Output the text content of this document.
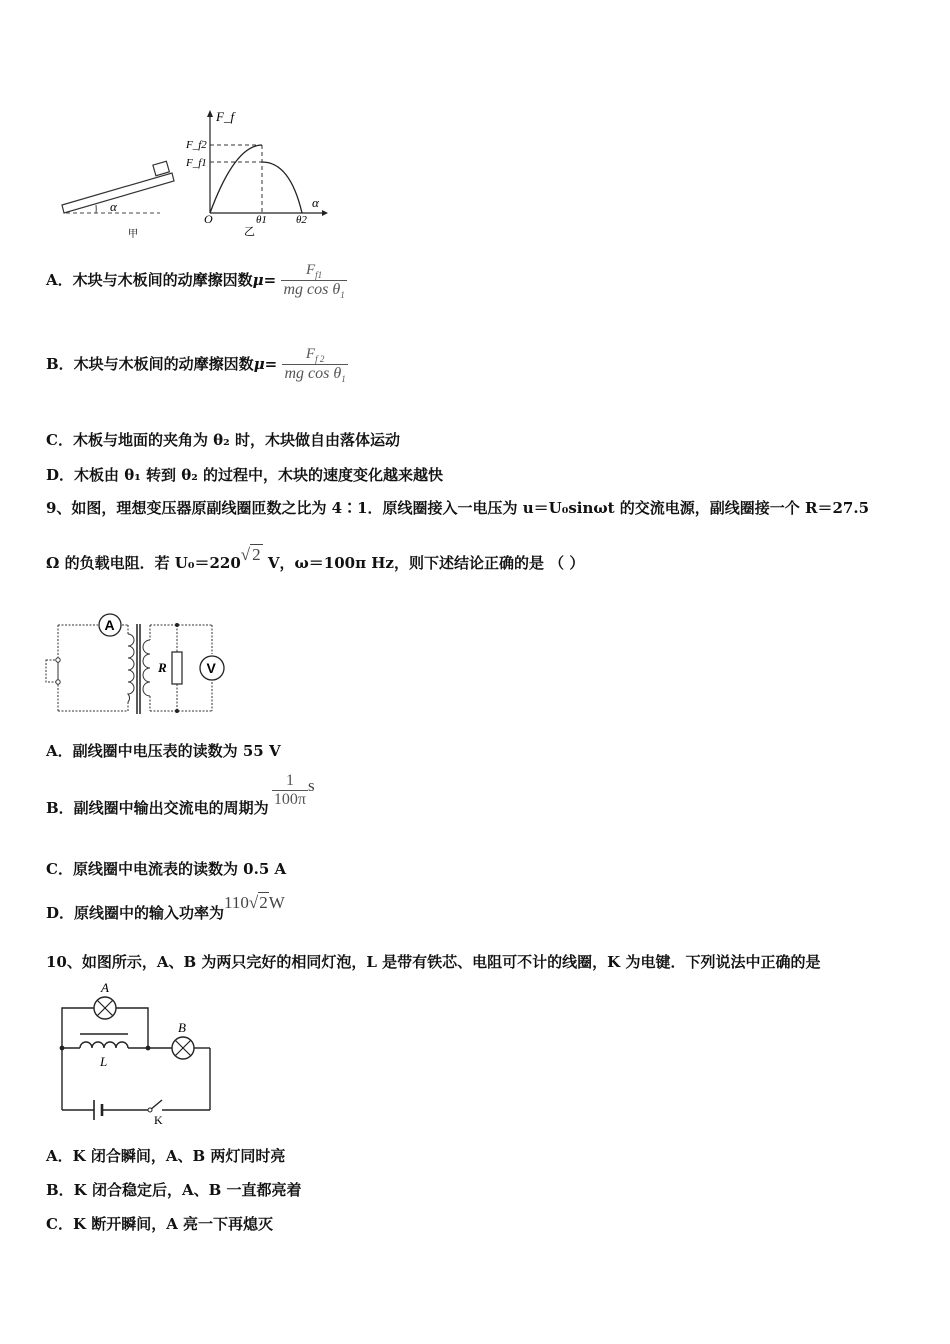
α
甲
F_f
α
F_f2
F_f1
O	θ1	θ2
乙
A．木块与木板间的动摩擦因数$\mu= \frac{F_{f1}}{mg \cos \theta_1}$
B．木块与木板间的动摩擦因数$\mu= \frac{F_{f 2}}{mg \cos \theta_1}$
C．木板与地面的夹角为 θ₂ 时，木块做自由落体运动
D．木板由 θ₁ 转到 θ₂ 的过程中，木块的速度变化越来越快
9、如图，理想变压器原副线圈匝数之比为 4∶1．原线圈接入一电压为 u＝U₀sinωt 的交流电源，副线圈接一个 R＝27.5
Ω 的负载电阻．若 U₀＝220√ 2 V，ω＝100π Hz，则下述结论正确的是 （ ）
A
R	V
A．副线圈中电压表的读数为 55 V
B．副线圈中输出交流电的周期为 $\frac{1}{100\pi}$ s
C．原线圈中电流表的读数为 0.5 A
D．原线圈中的输入功率为110√2W
10、如图所示，A、B 为两只完好的相同灯泡，L 是带有铁芯、电阻可不计的线圈，K 为电键．下列说法中正确的是
A
B
L
K
A．K 闭合瞬间，A、B 两灯同时亮
B．K 闭合稳定后，A、B 一直都亮着
C．K 断开瞬间，A 亮一下再熄灭
